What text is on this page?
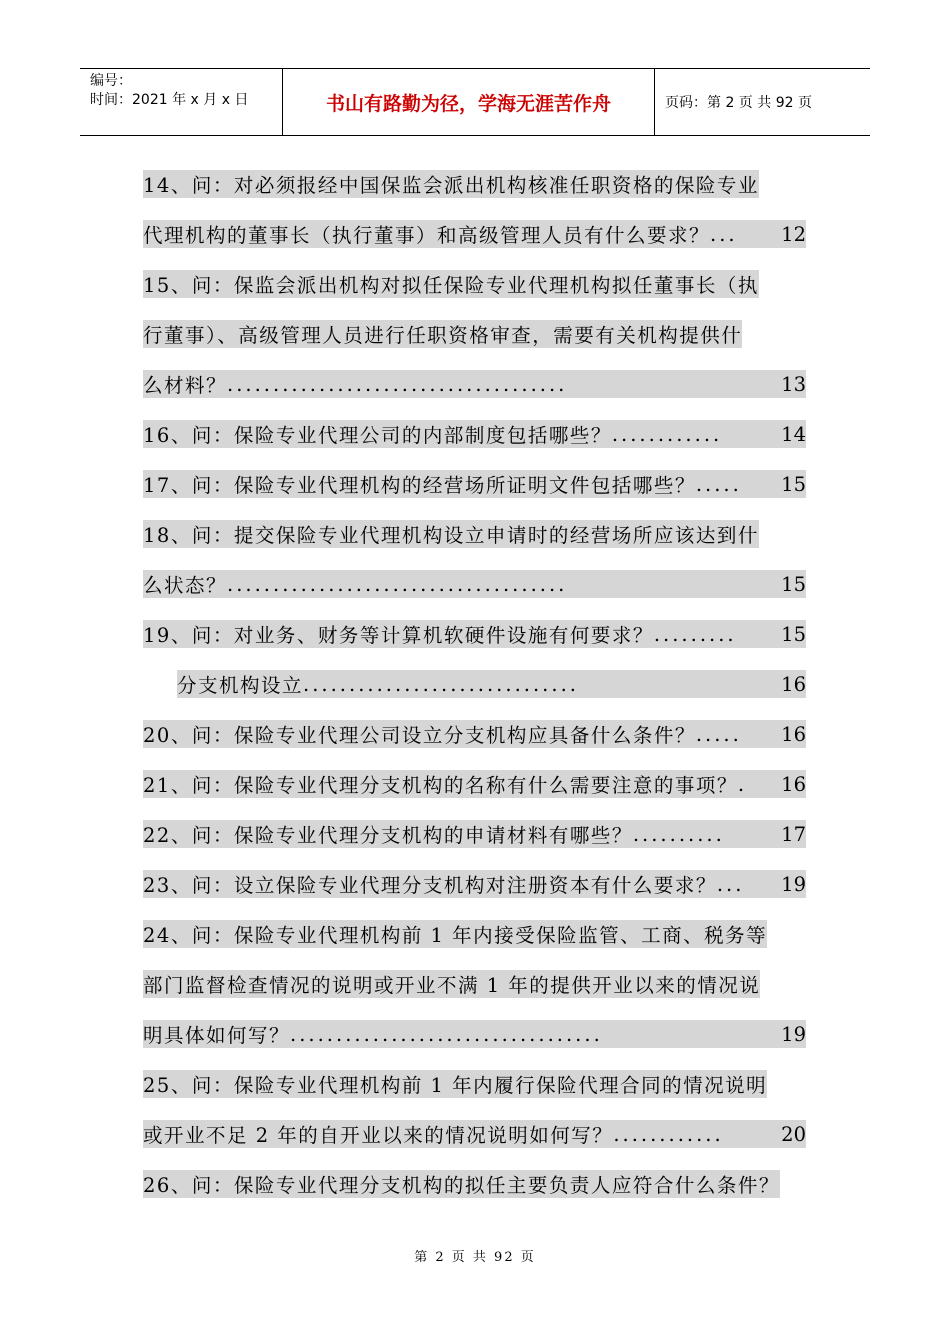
编号：
时间：2021 年 x 月 x 日	书山有路勤为径，学海无涯苦作舟	页码：第 2 页 共 92 页
14、问：对必须报经中国保监会派出机构核准任职资格的保险专业
代理机构的董事长（执行董事）和高级管理人员有什么要求？ ...	12
15、问：保监会派出机构对拟任保险专业代理机构拟任董事长（执
行董事）、高级管理人员进行任职资格审查，需要有关机构提供什
么材料？ .....................................	13
16、问：保险专业代理公司的内部制度包括哪些？ ............	14
17、问：保险专业代理机构的经营场所证明文件包括哪些？ .....	15
18、问：提交保险专业代理机构设立申请时的经营场所应该达到什
么状态？ .....................................	15
19、问：对业务、财务等计算机软硬件设施有何要求？ .........	15
分支机构设立 ..............................	16
20、问：保险专业代理公司设立分支机构应具备什么条件？ .....	16
21、问：保险专业代理分支机构的名称有什么需要注意的事项？ .	16
22、问：保险专业代理分支机构的申请材料有哪些？ ..........	17
23、问：设立保险专业代理分支机构对注册资本有什么要求？ ...	19
24、问：保险专业代理机构前 1 年内接受保险监管、工商、税务等
部门监督检查情况的说明或开业不满 1 年的提供开业以来的情况说
明具体如何写？ ..................................	19
25、问：保险专业代理机构前 1 年内履行保险代理合同的情况说明
或开业不足 2 年的自开业以来的情况说明如何写？ ............	20
26、问：保险专业代理分支机构的拟任主要负责人应符合什么条件？
第 2 页 共 92 页
